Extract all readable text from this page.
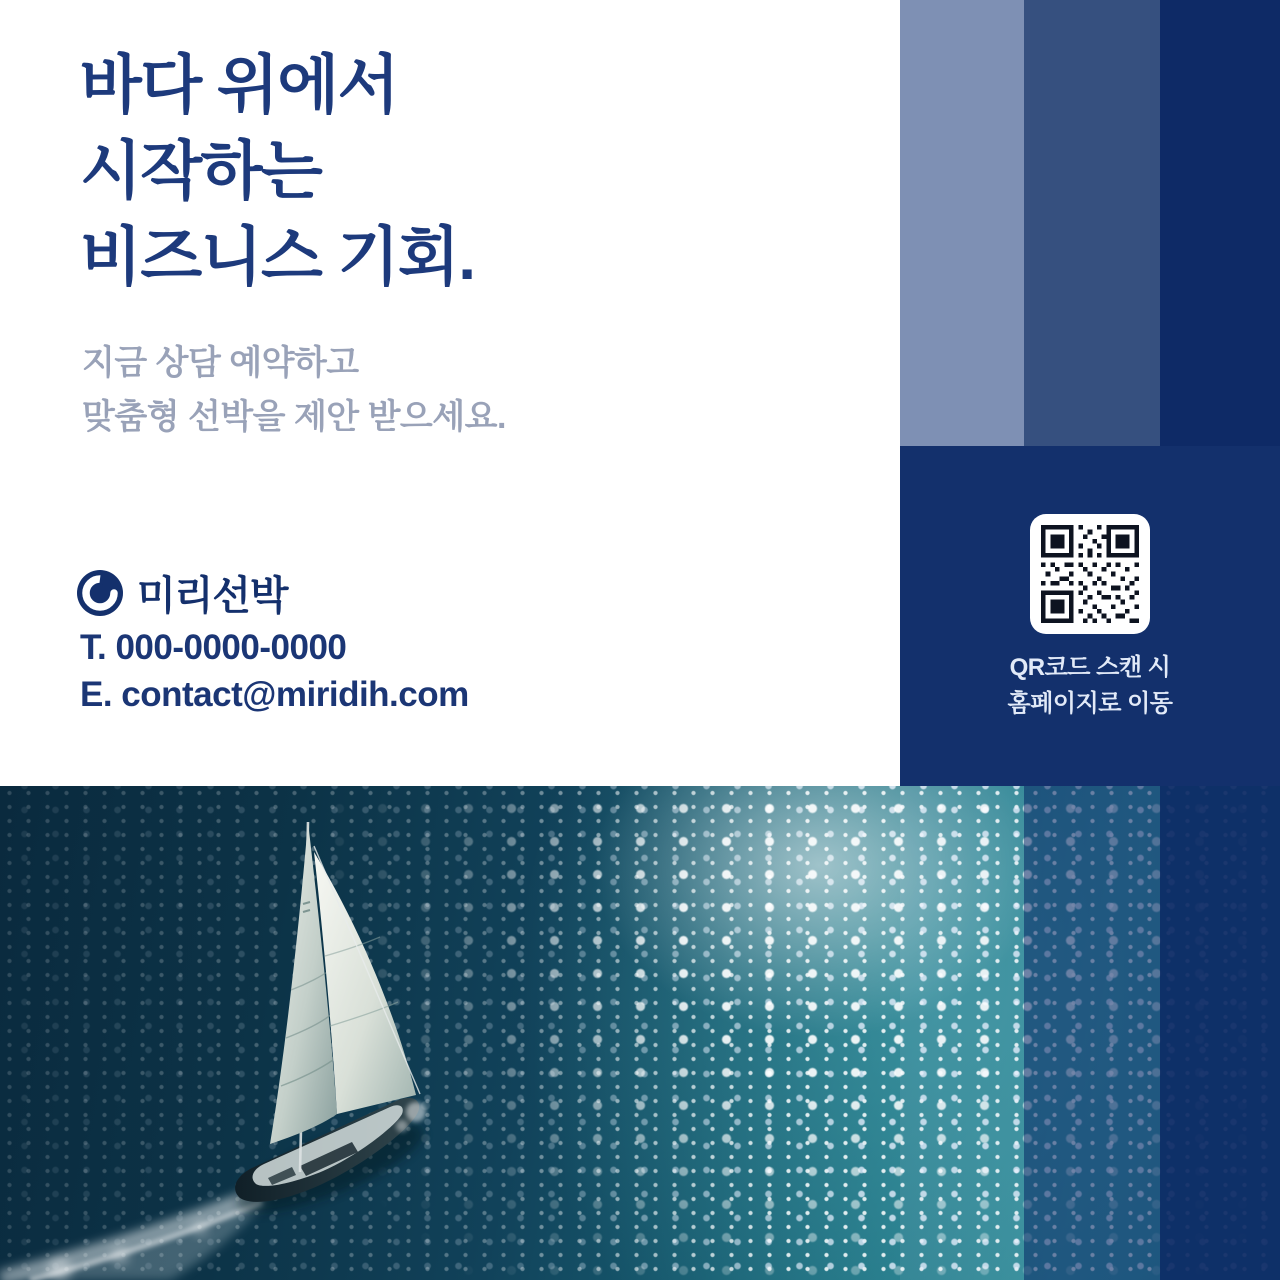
바다 위에서
시작하는
비즈니스 기회.
지금 상담 예약하고
맞춤형 선박을 제안 받으세요.
미리선박
T. 000-0000-0000
E. contact@miridih.com
QR코드 스캔 시
홈페이지로 이동
